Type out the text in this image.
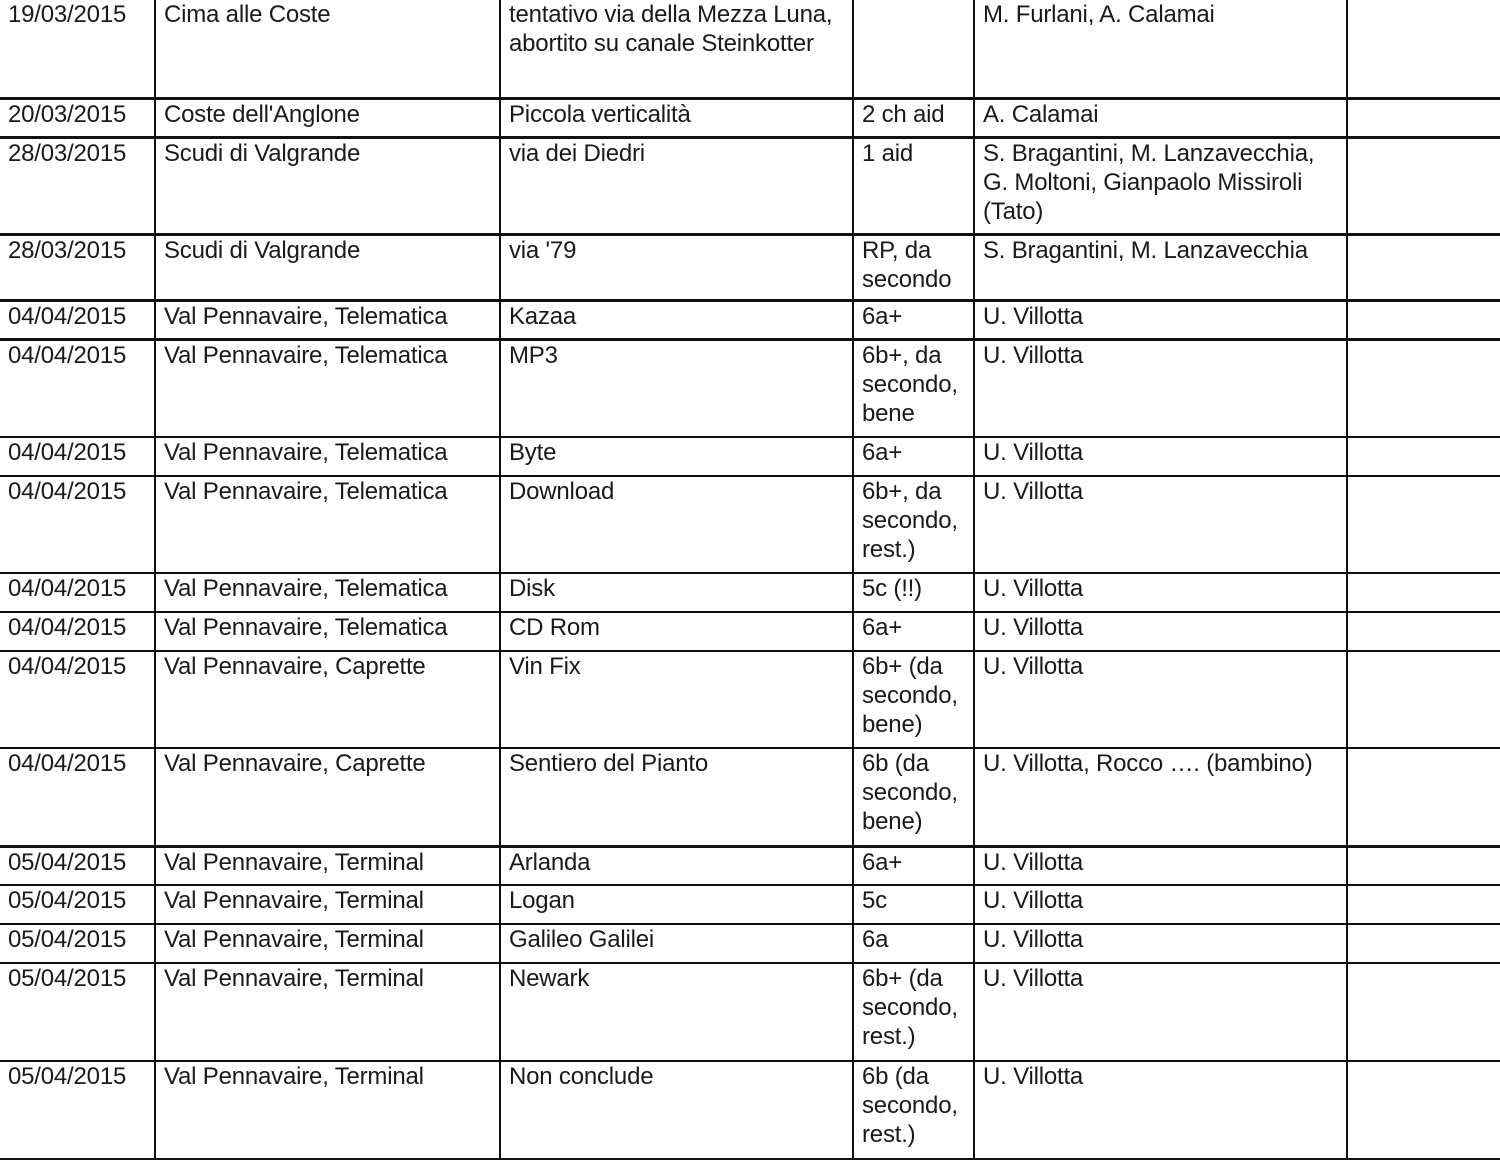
19/03/2015	Cima alle Coste	tentativo via della Mezza Luna, abortito su canale Steinkotter		M. Furlani, A. Calamai	
20/03/2015	Coste dell'Anglone	Piccola verticalità	2 ch aid	A. Calamai	
28/03/2015	Scudi di Valgrande	via dei Diedri	1 aid	S. Bragantini, M. Lanzavecchia, G. Moltoni, Gianpaolo Missiroli (Tato)	
28/03/2015	Scudi di Valgrande	via '79	RP, da secondo	S. Bragantini, M. Lanzavecchia	
04/04/2015	Val Pennavaire, Telematica	Kazaa	6a+	U. Villotta	
04/04/2015	Val Pennavaire, Telematica	MP3	6b+, da secondo, bene	U. Villotta	
04/04/2015	Val Pennavaire, Telematica	Byte	6a+	U. Villotta	
04/04/2015	Val Pennavaire, Telematica	Download	6b+, da secondo, rest.)	U. Villotta	
04/04/2015	Val Pennavaire, Telematica	Disk	5c (!!)	U. Villotta	
04/04/2015	Val Pennavaire, Telematica	CD Rom	6a+	U. Villotta	
04/04/2015	Val Pennavaire, Caprette	Vin Fix	6b+ (da secondo, bene)	U. Villotta	
04/04/2015	Val Pennavaire, Caprette	Sentiero del Pianto	6b (da secondo, bene)	U. Villotta, Rocco …. (bambino)	
05/04/2015	Val Pennavaire, Terminal	Arlanda	6a+	U. Villotta	
05/04/2015	Val Pennavaire, Terminal	Logan	5c	U. Villotta	
05/04/2015	Val Pennavaire, Terminal	Galileo Galilei	6a	U. Villotta	
05/04/2015	Val Pennavaire, Terminal	Newark	6b+ (da secondo, rest.)	U. Villotta	
05/04/2015	Val Pennavaire, Terminal	Non conclude	6b (da secondo, rest.)	U. Villotta	
